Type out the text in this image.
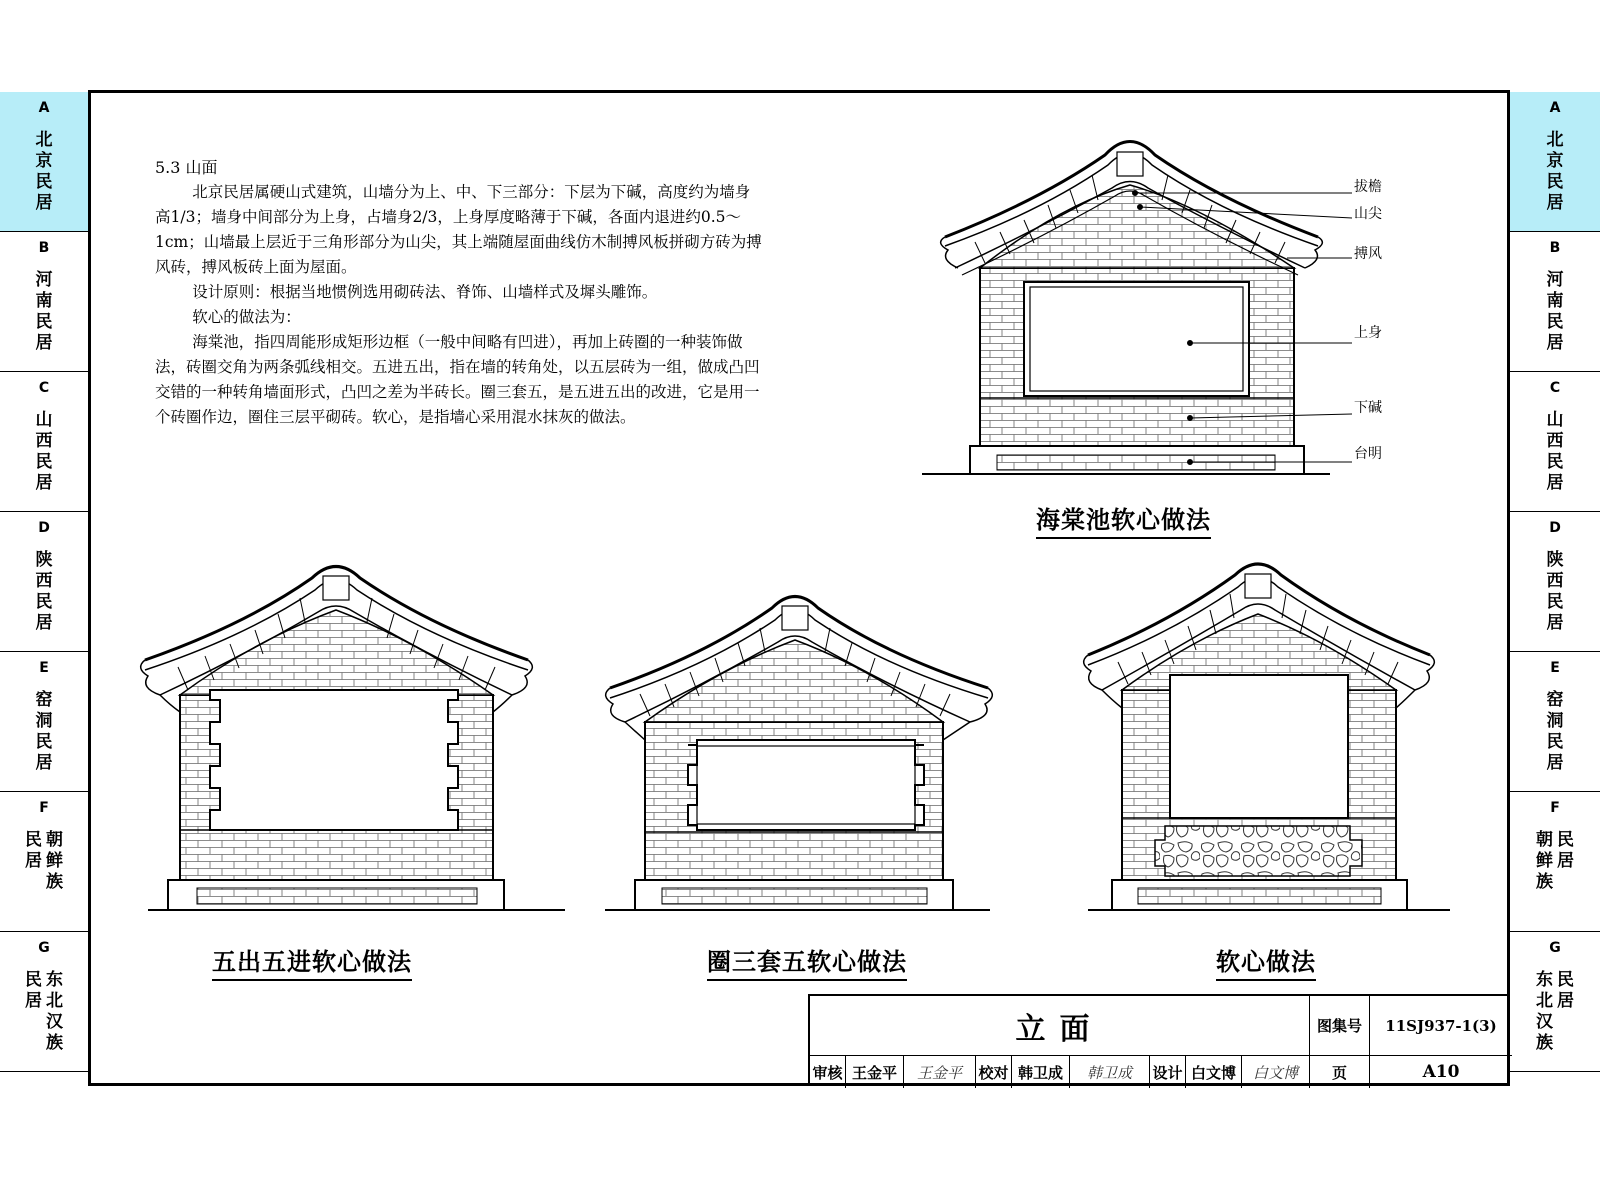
A
北
京
民
居
B
河
南
民
居
C
山
西
民
居
D
陕
西
民
居
E
窑
洞
民
居
F
民
居
朝
鲜
族
G
民
居
东
北
汉
族
A
北
京
民
居
B
河
南
民
居
C
山
西
民
居
D
陕
西
民
居
E
窑
洞
民
居
F
朝
鲜
族
民
居
G
东
北
汉
族
民
居
5.3 山面

北京民居属硬山式建筑，山墙分为上、中、下三部分：下层为下碱，高度约为墙身高1/3；墙身中间部分为上身，占墙身2/3，上身厚度略薄于下碱，各面内退进约0.5～1cm；山墙最上层近于三角形部分为山尖，其上端随屋面曲线仿木制搏风板拼砌方砖为搏风砖，搏风板砖上面为屋面。

设计原则：根据当地惯例选用砌砖法、脊饰、山墙样式及墀头雕饰。

软心的做法为：

海棠池，指四周能形成矩形边框（一般中间略有凹进），再加上砖圈的一种装饰做法，砖圈交角为两条弧线相交。五进五出，指在墙的转角处，以五层砖为一组，做成凸凹交错的一种转角墙面形式，凸凹之差为半砖长。圈三套五，是五进五出的改进，它是用一个砖圈作边，圈住三层平砌砖。软心，是指墙心采用混水抹灰的做法。

拔檐
山尖
搏风
上身
下碱
台明
海棠池软心做法
五出五进软心做法	圈三套五软心做法	软心做法
立面	图集号	11SJ937-1(3)
审核 王金平	王金平	校对 韩卫成	韩卫成	设计 白文博	白文博	页	A10
